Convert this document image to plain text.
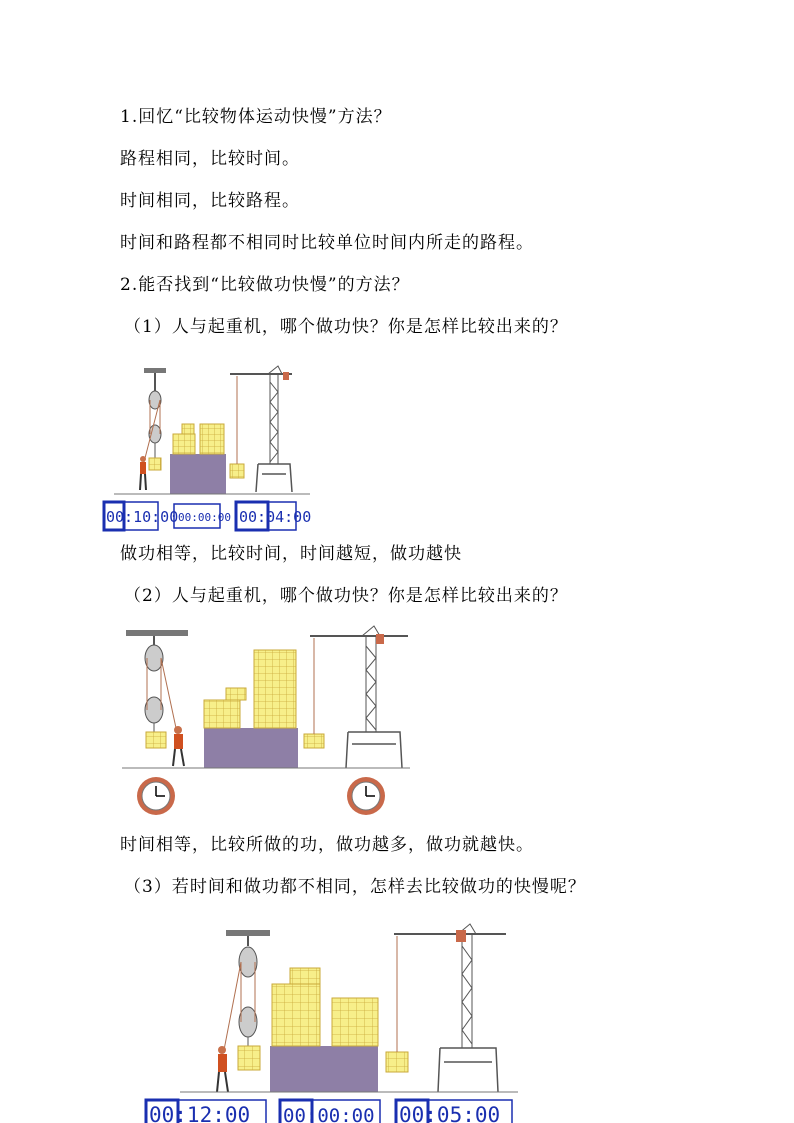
1.回忆“比较物体运动快慢”方法？
路程相同，比较时间。
时间相同，比较路程。
时间和路程都不相同时比较单位时间内所走的路程。
2.能否找到“比较做功快慢”的方法？
（1）人与起重机，哪个做功快？你是怎样比较出来的？
00:10:00 00:00:00 00:04:00
做功相等，比较时间，时间越短，做功越快
（2）人与起重机，哪个做功快？你是怎样比较出来的？
时间相等，比较所做的功，做功越多，做功就越快。
（3）若时间和做功都不相同，怎样去比较做功的快慢呢？
00:12:00 00:00:00 00:05:00
